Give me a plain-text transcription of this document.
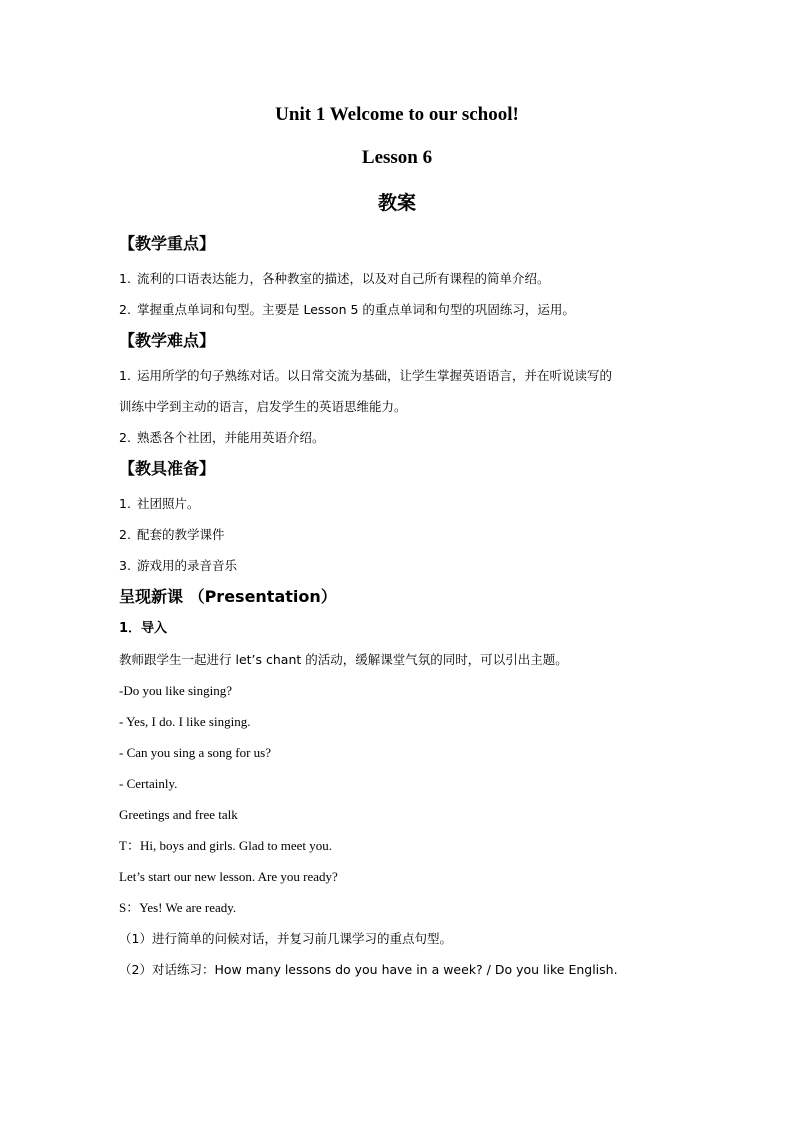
Unit 1 Welcome to our school!
Lesson 6
教案
【教学重点】
1. 流利的口语表达能力，各种教室的描述，以及对自己所有课程的简单介绍。
2. 掌握重点单词和句型。主要是 Lesson 5 的重点单词和句型的巩固练习，运用。
【教学难点】
1. 运用所学的句子熟练对话。以日常交流为基础，让学生掌握英语语言，并在听说读写的
训练中学到主动的语言，启发学生的英语思维能力。
2. 熟悉各个社团，并能用英语介绍。
【教具准备】
1. 社团照片。
2. 配套的教学课件
3. 游戏用的录音音乐
呈现新课 （Presentation）
1．导入
教师跟学生一起进行 let’s chant 的活动，缓解课堂气氛的同时，可以引出主题。
-Do you like singing?
- Yes, I do. I like singing.
- Can you sing a song for us?
- Certainly.
Greetings and free talk
T：Hi, boys and girls. Glad to meet you.
Let’s start our new lesson. Are you ready?
S：Yes! We are ready.
（1）进行简单的问候对话，并复习前几课学习的重点句型。
（2）对话练习：How many lessons do you have in a week? / Do you like English.
